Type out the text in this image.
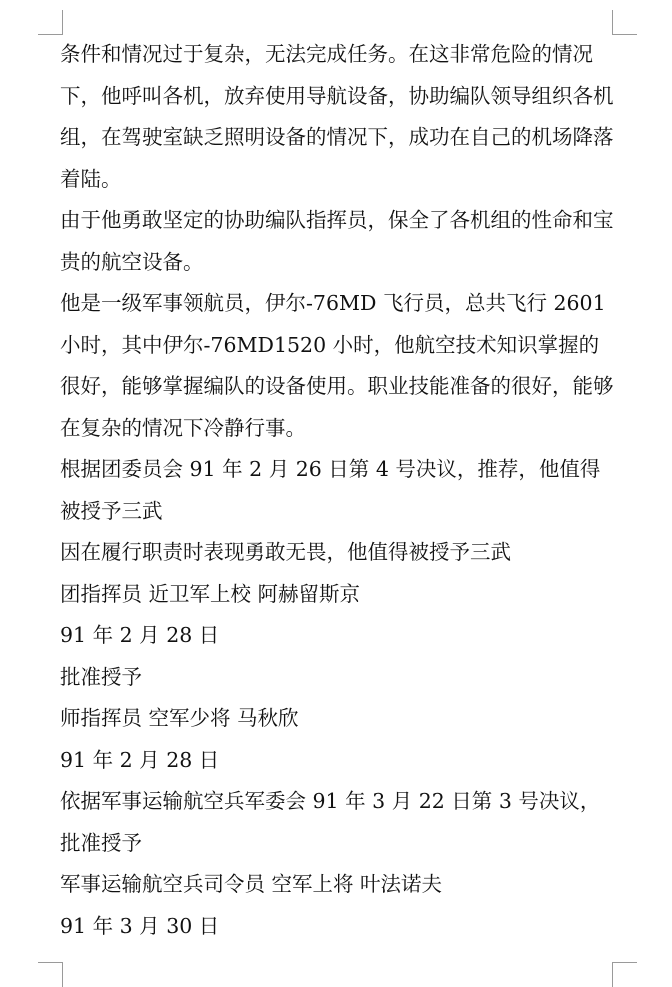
条件和情况过于复杂，无法完成任务。在这非常危险的情况下，他呼叫各机，放弃使用导航设备，协助编队领导组织各机组，在驾驶室缺乏照明设备的情况下，成功在自己的机场降落着陆。

由于他勇敢坚定的协助编队指挥员，保全了各机组的性命和宝贵的航空设备。

他是一级军事领航员，伊尔-76MD 飞行员，总共飞行 2601 小时，其中伊尔-76MD1520 小时，他航空技术知识掌握的很好，能够掌握编队的设备使用。职业技能准备的很好，能够在复杂的情况下冷静行事。

根据团委员会 91 年 2 月 26 日第 4 号决议，推荐，他值得被授予三武

因在履行职责时表现勇敢无畏，他值得被授予三武

团指挥员 近卫军上校 阿赫留斯京

91 年 2 月 28 日

批准授予

师指挥员 空军少将 马秋欣

91 年 2 月 28 日

依据军事运输航空兵军委会 91 年 3 月 22 日第 3 号决议，批准授予

军事运输航空兵司令员 空军上将 叶法诺夫

91 年 3 月 30 日
